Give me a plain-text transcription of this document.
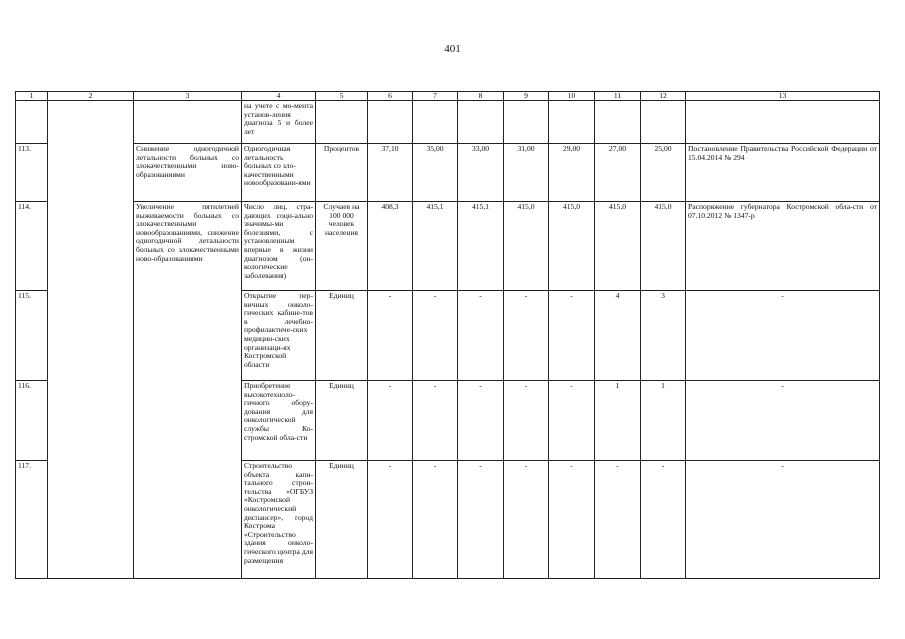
401
1	2	3	4	5	6	7	8	9	10	11	12	13
			на учете с мо-мента установ-ления диагноза 5 и более лет									
113.		Снижение одногодичной летальности больных со злокачественными ново-образованиями	Одногодичная летальность больных со зло-качественными новообразовани-ями	Процентов	37,10	35,00	33,00	31,00	29,00	27,00	25,00	Постановление Правительства Российской Федерации от 15.04.2014 № 294
114.		Увеличение пятилетней выживаемости больных со злокачественными новообразованиями, снижение одногодичной летальности больных со злокачественными ново-образованиями	Число лиц, стра-дающих соци-ально значимы-ми болезнями, с установленным впервые в жизни диагнозом (он-кологические заболевания)	Случаев на 100 000 человек населения	408,3	415,1	415,1	415,0	415,0	415,0	415,0	Распоряжение губернатора Костромской обла-сти от 07.10.2012 № 1347-р
115.			Открытие пер-вичных онколо-гических кабине-тов в лечебно-профилактиче-ских медицин-ских организаци-ях Костромской области	Единиц	-	-	-	-	-	4	3	-
116.			Приобретение высокотехноло-гичного обору-дования для онкологической службы Ко-стромской обла-сти	Единиц	-	-	-	-	-	1	1	-
117.			Строительство объекта капи-тального строи-тельства «ОГБУЗ «Костромской онкологический диспансер», город Кострома «Строительство здания онколо-гического центра для размещения	Единиц	-	-	-	-	-	-	-	-
